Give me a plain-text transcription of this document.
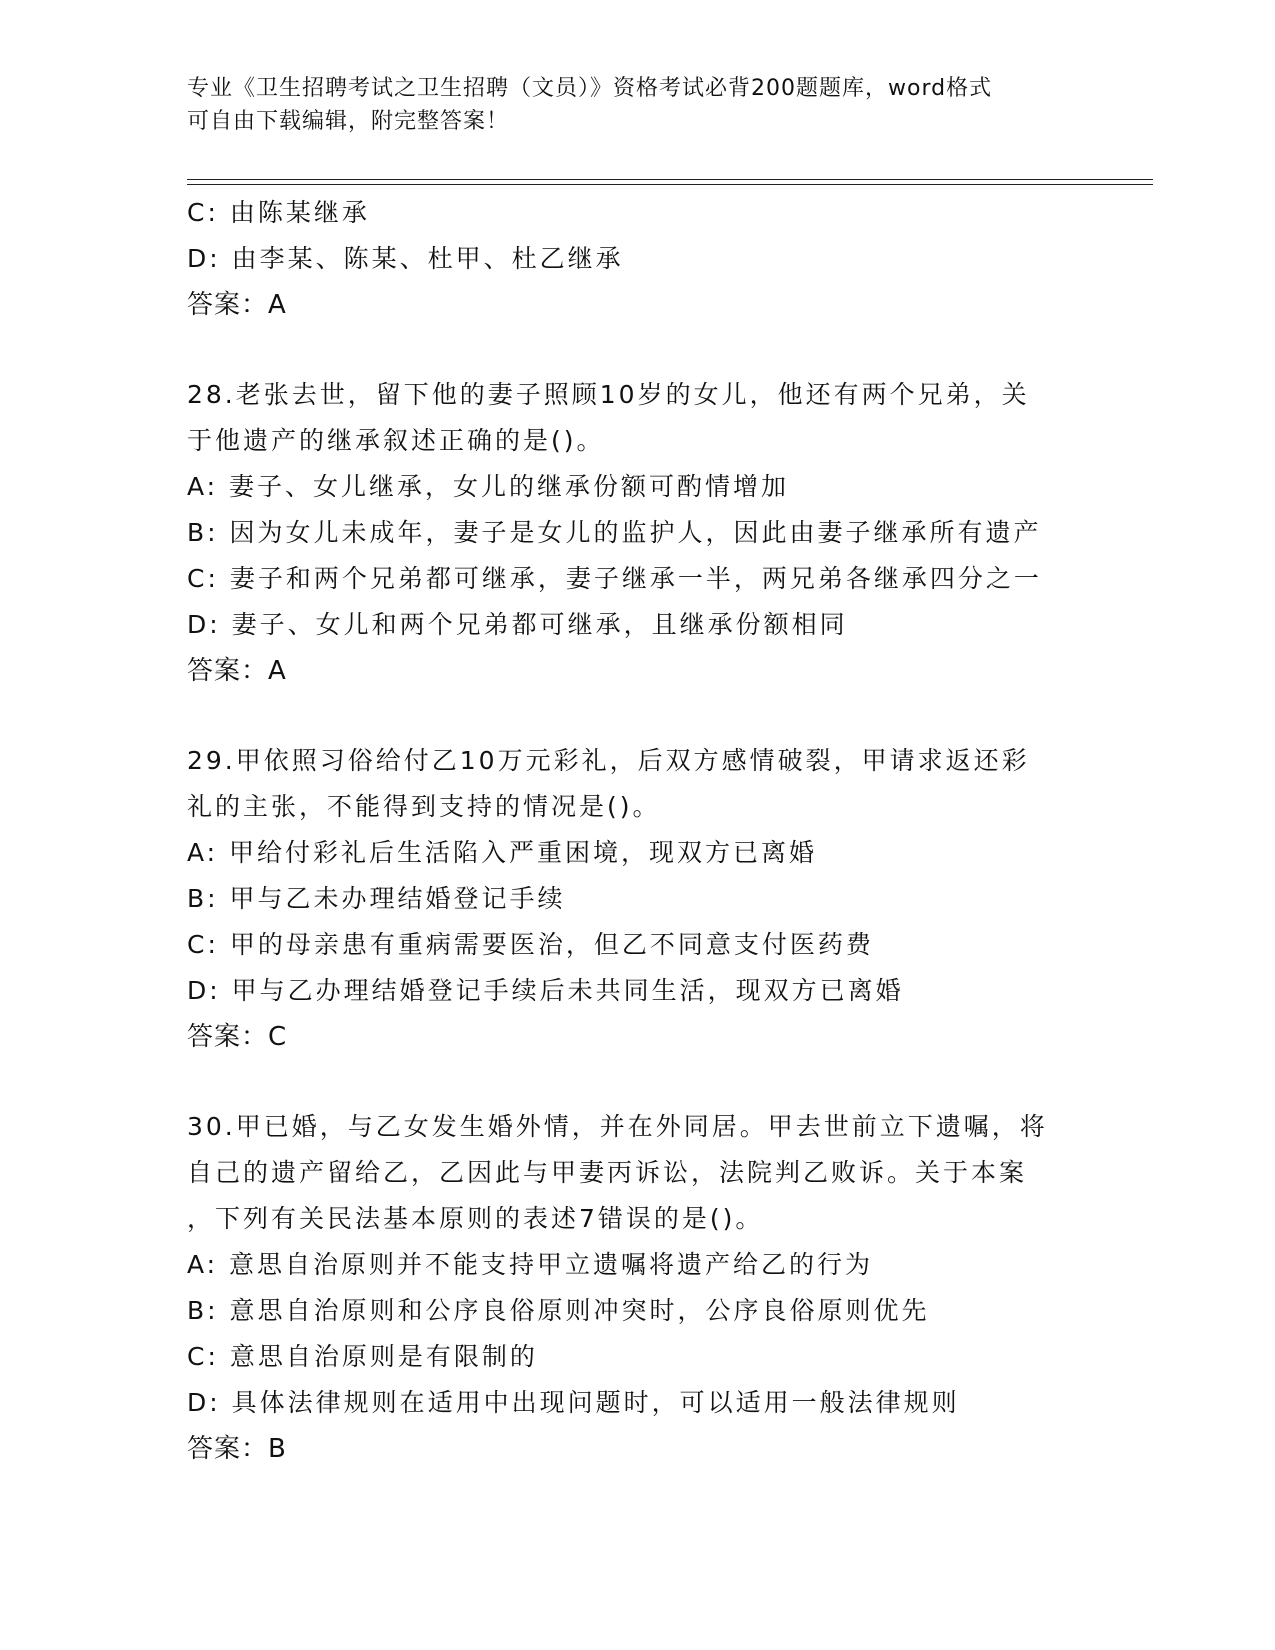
专业《卫生招聘考试之卫生招聘（文员）》资格考试必背200题题库，word格式
可自由下载编辑，附完整答案！
C: 由陈某继承
D: 由李某、陈某、杜甲、杜乙继承
答案：A
28.老张去世，留下他的妻子照顾10岁的女儿，他还有两个兄弟，关
于他遗产的继承叙述正确的是()。
A: 妻子、女儿继承，女儿的继承份额可酌情增加
B: 因为女儿未成年，妻子是女儿的监护人，因此由妻子继承所有遗产
C: 妻子和两个兄弟都可继承，妻子继承一半，两兄弟各继承四分之一
D: 妻子、女儿和两个兄弟都可继承，且继承份额相同
答案：A
29.甲依照习俗给付乙10万元彩礼，后双方感情破裂，甲请求返还彩
礼的主张，不能得到支持的情况是()。
A: 甲给付彩礼后生活陷入严重困境，现双方已离婚
B: 甲与乙未办理结婚登记手续
C: 甲的母亲患有重病需要医治，但乙不同意支付医药费
D: 甲与乙办理结婚登记手续后未共同生活，现双方已离婚
答案：C
30.甲已婚，与乙女发生婚外情，并在外同居。甲去世前立下遗嘱，将
自己的遗产留给乙，乙因此与甲妻丙诉讼，法院判乙败诉。关于本案
，下列有关民法基本原则的表述7错误的是()。
A: 意思自治原则并不能支持甲立遗嘱将遗产给乙的行为
B: 意思自治原则和公序良俗原则冲突时，公序良俗原则优先
C: 意思自治原则是有限制的
D: 具体法律规则在适用中出现问题时，可以适用一般法律规则
答案：B
